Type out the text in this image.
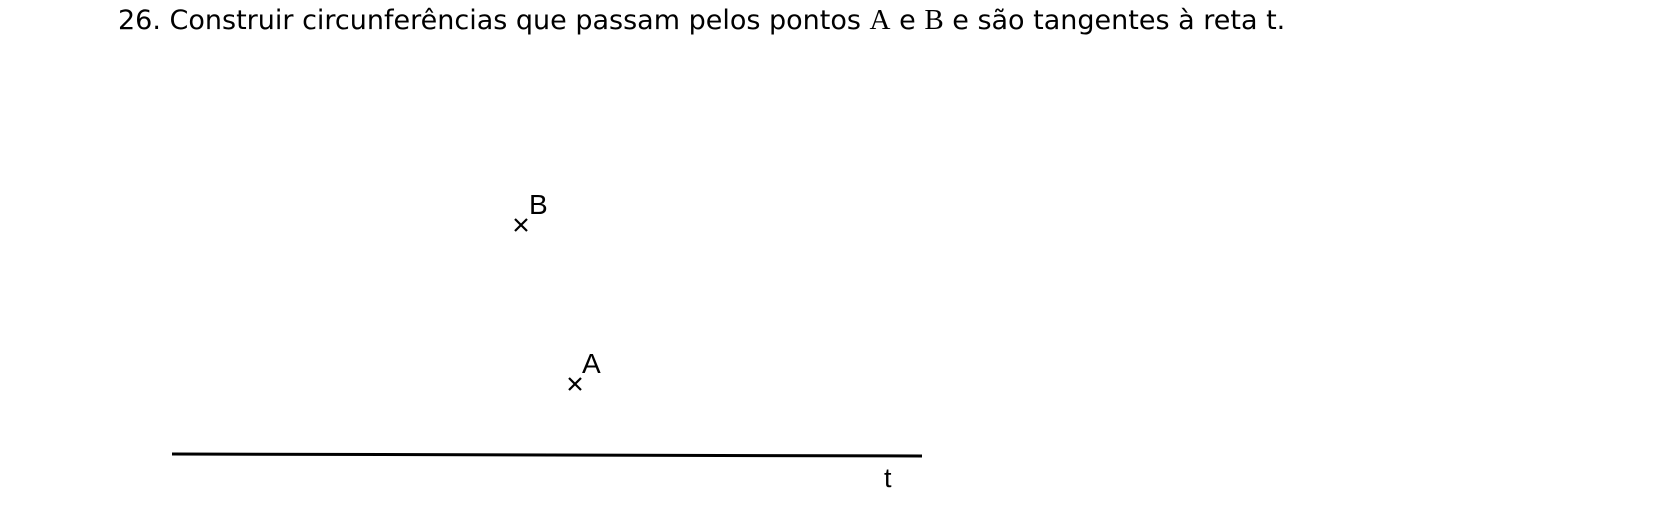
26. Construir circunferências que passam pelos pontos A e B e são tangentes à reta t.
B
A
t
